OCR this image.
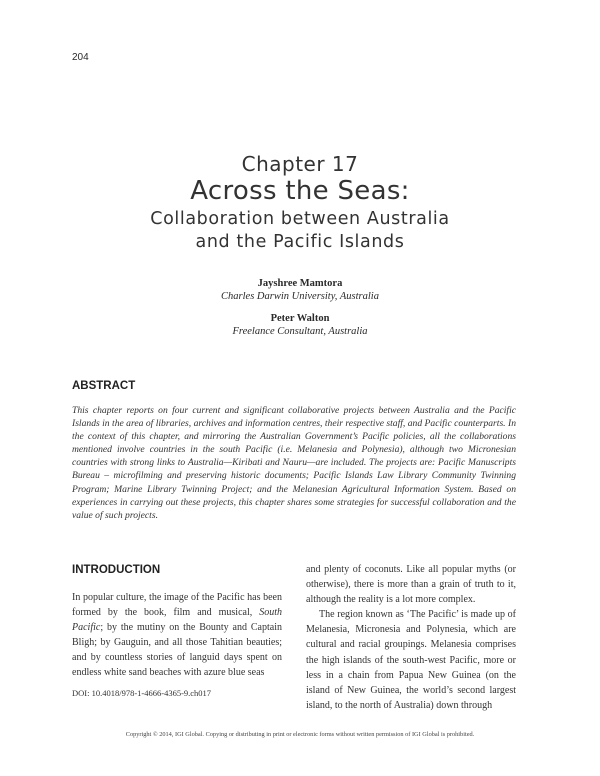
204
Chapter 17
Across the Seas:
Collaboration between Australia
and the Pacific Islands
Jayshree Mamtora
Charles Darwin University, Australia
Peter Walton
Freelance Consultant, Australia
ABSTRACT
This chapter reports on four current and significant collaborative projects between Australia and the Pacific Islands in the area of libraries, archives and information centres, their respective staff, and Pacific counterparts. In the context of this chapter, and mirroring the Australian Government’s Pacific policies, all the collaborations mentioned involve countries in the south Pacific (i.e. Melanesia and Polynesia), although two Micronesian countries with strong links to Australia—Kiribati and Nauru—are included. The projects are: Pacific Manuscripts Bureau – microfilming and preserving historic documents; Pacific Islands Law Library Community Twinning Program; Marine Library Twinning Project; and the Melanesian Agricultural Information System. Based on experiences in carrying out these projects, this chapter shares some strategies for successful collaboration and the value of such projects.
INTRODUCTION

In popular culture, the image of the Pacific has been formed by the book, film and musical, South Pacific; by the mutiny on the Bounty and Captain Bligh; by Gauguin, and all those Tahitian beauties; and by countless stories of languid days spent on endless white sand beaches with azure blue seas

and plenty of coconuts. Like all popular myths (or otherwise), there is more than a grain of truth to it, although the reality is a lot more complex.

The region known as ‘The Pacific’ is made up of Melanesia, Micronesia and Polynesia, which are cultural and racial groupings. Melanesia comprises the high islands of the south-west Pacific, more or less in a chain from Papua New Guinea (on the island of New Guinea, the world’s second largest island, to the north of Australia) down through

DOI: 10.4018/978-1-4666-4365-9.ch017
Copyright © 2014, IGI Global. Copying or distributing in print or electronic forms without written permission of IGI Global is prohibited.
